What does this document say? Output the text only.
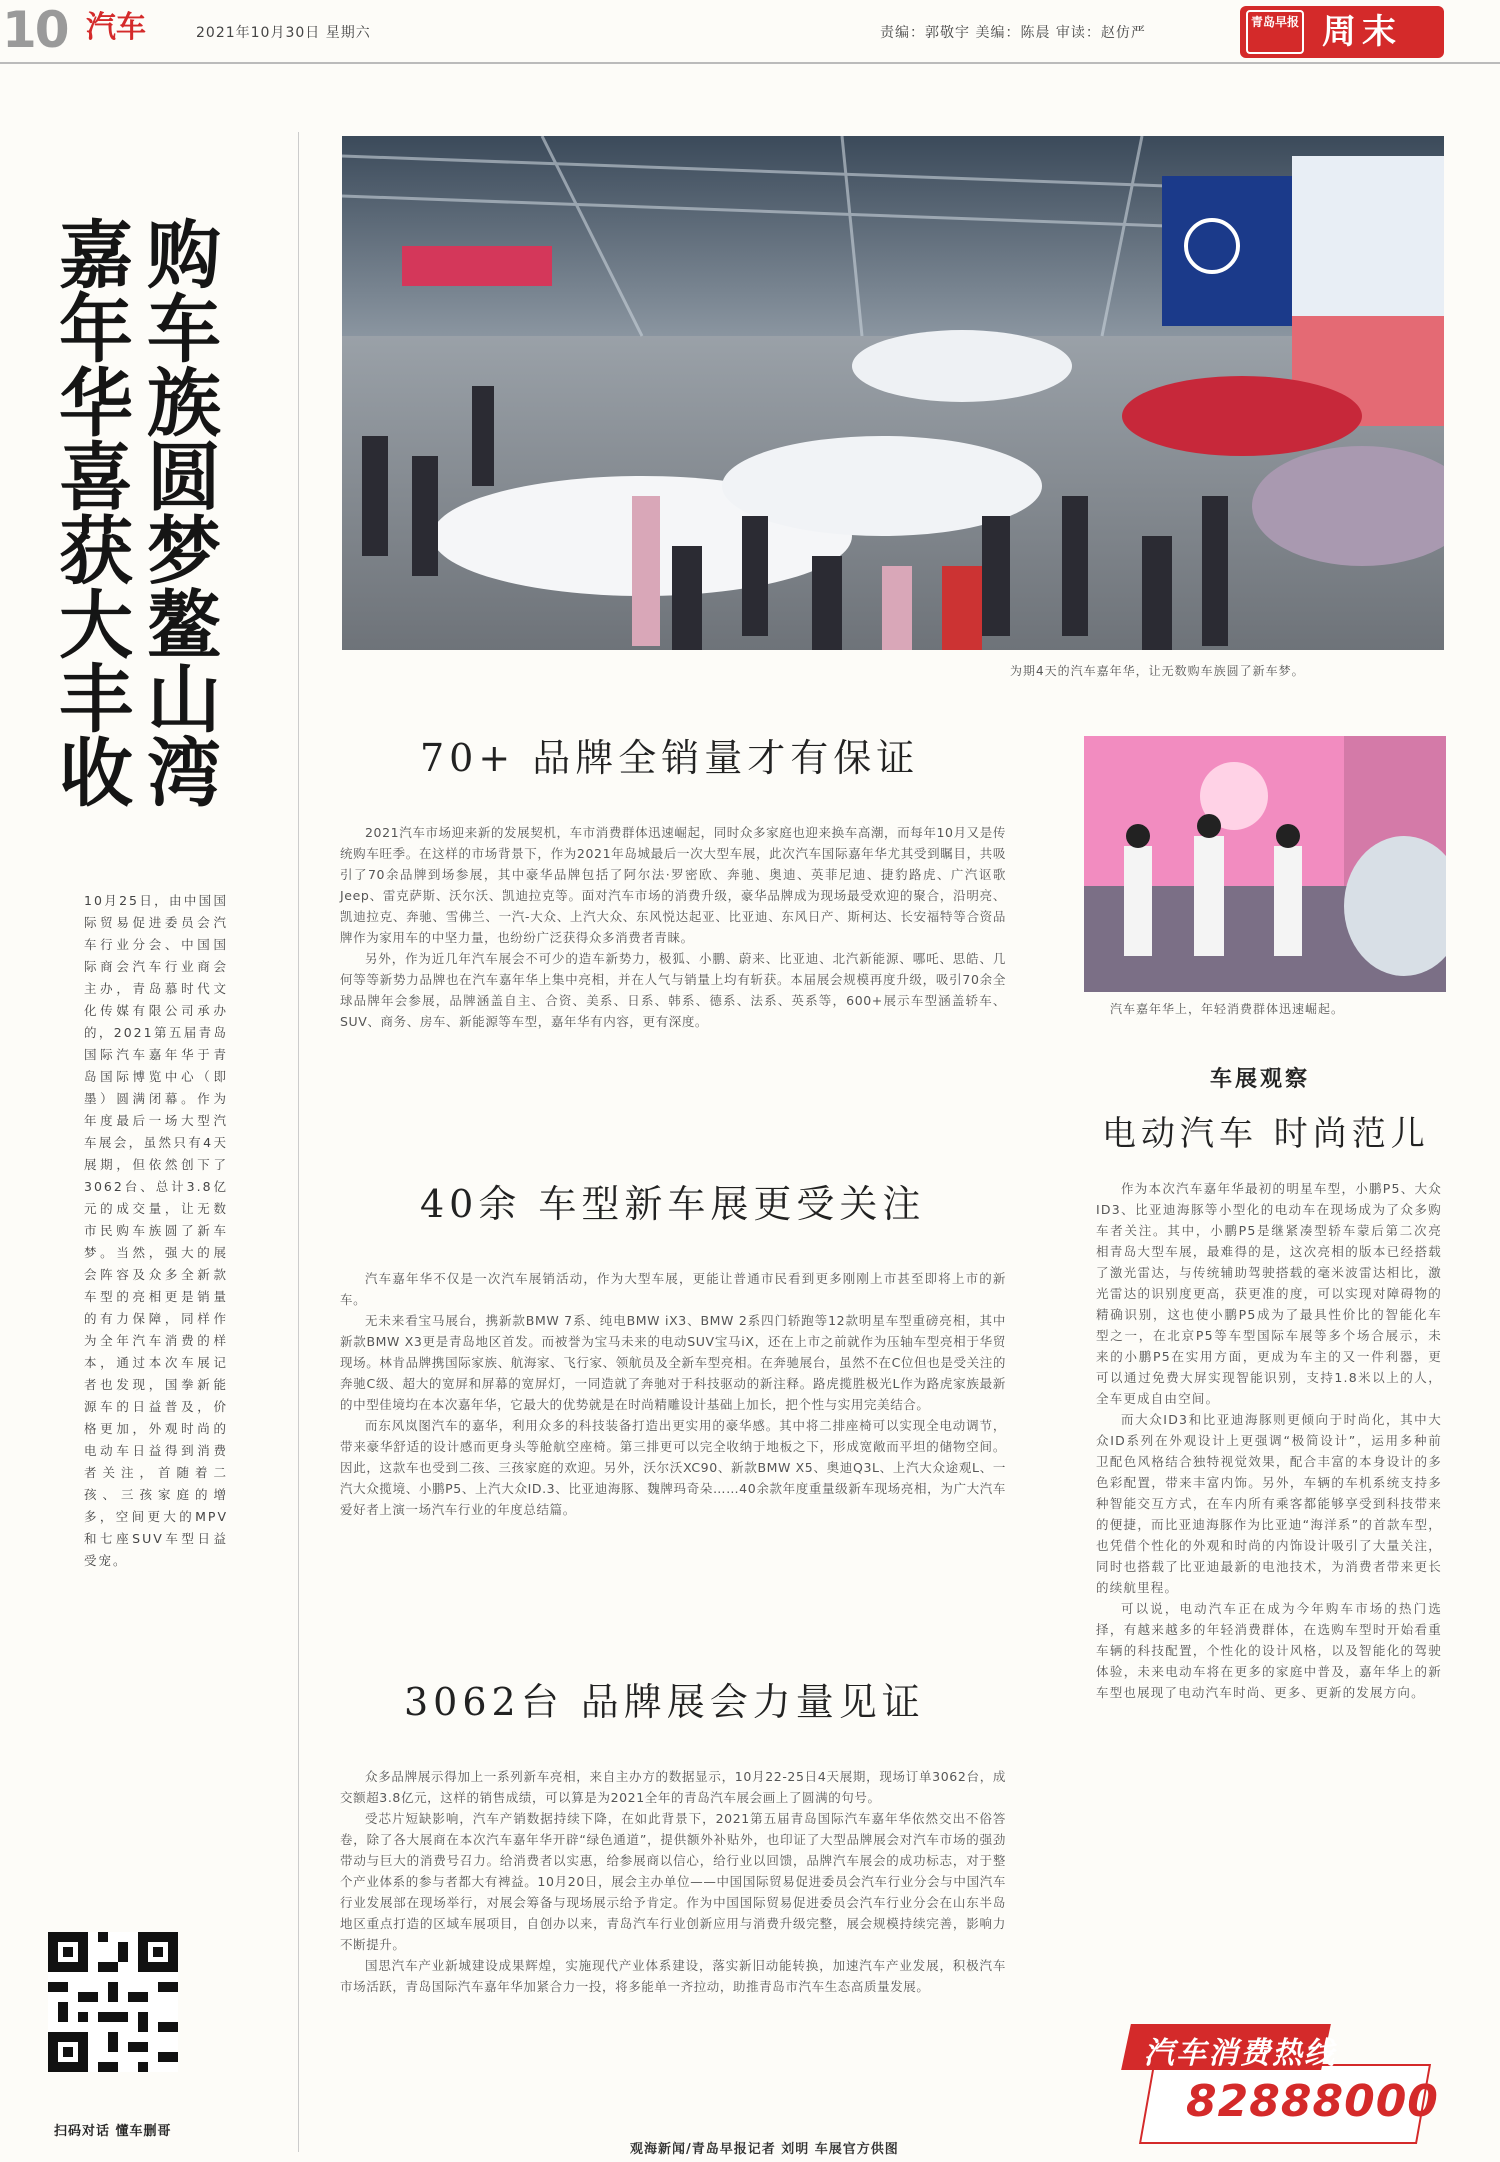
10 汽车	2021年10月30日 星期六	责编：郭敬宇 美编：陈晨 审读：赵仿严
青岛早报 周末
购车族圆梦鳌山湾
嘉年华喜获大丰收
10月25日，由中国国际贸易促进委员会汽车行业分会、中国国际商会汽车行业商会主办，青岛慕时代文化传媒有限公司承办的，2021第五届青岛国际汽车嘉年华于青岛国际博览中心（即墨）圆满闭幕。作为年度最后一场大型汽车展会，虽然只有4天展期，但依然创下了3062台、总计3.8亿元的成交量，让无数市民购车族圆了新车梦。当然，强大的展会阵容及众多全新款车型的亮相更是销量的有力保障，同样作为全年汽车消费的样本，通过本次车展记者也发现，国拳新能源车的日益普及，价格更加，外观时尚的电动车日益得到消费者关注，首随着二孩、三孩家庭的增多，空间更大的MPV和七座SUV车型日益受宠。
扫码对话 懂车删哥
为期4天的汽车嘉年华，让无数购车族圆了新车梦。
70+ 品牌全销量才有保证

2021汽车市场迎来新的发展契机，车市消费群体迅速崛起，同时众多家庭也迎来换车高潮，而每年10月又是传统购车旺季。在这样的市场背景下，作为2021年岛城最后一次大型车展，此次汽车国际嘉年华尤其受到瞩目，共吸引了70余品牌到场参展，其中豪华品牌包括了阿尔法·罗密欧、奔驰、奥迪、英菲尼迪、捷豹路虎、广汽讴歌Jeep、雷克萨斯、沃尔沃、凯迪拉克等。面对汽车市场的消费升级，豪华品牌成为现场最受欢迎的聚合，沿明亮、凯迪拉克、奔驰、雪佛兰、一汽-大众、上汽大众、东风悦达起亚、比亚迪、东风日产、斯柯达、长安福特等合资品牌作为家用车的中坚力量，也纷纷广泛获得众多消费者青睐。

另外，作为近几年汽车展会不可少的造车新势力，极狐、小鹏、蔚来、比亚迪、北汽新能源、哪吒、思皓、几何等等新势力品牌也在汽车嘉年华上集中亮相，并在人气与销量上均有斩获。本届展会规模再度升级，吸引70余全球品牌年会参展，品牌涵盖自主、合资、美系、日系、韩系、德系、法系、英系等，600+展示车型涵盖轿车、SUV、商务、房车、新能源等车型，嘉年华有内容，更有深度。

40余 车型新车展更受关注

汽车嘉年华不仅是一次汽车展销活动，作为大型车展，更能让普通市民看到更多刚刚上市甚至即将上市的新车。

无未来看宝马展台，携新款BMW 7系、纯电BMW iX3、BMW 2系四门轿跑等12款明星车型重磅亮相，其中新款BMW X3更是青岛地区首发。而被誉为宝马未来的电动SUV宝马iX，还在上市之前就作为压轴车型亮相于华贸现场。林肯品牌携国际家族、航海家、飞行家、领航员及全新车型亮相。在奔驰展台，虽然不在C位但也是受关注的奔驰C级、超大的宽屏和屏幕的宽屏灯，一同造就了奔驰对于科技驱动的新注释。路虎揽胜极光L作为路虎家族最新的中型佳境均在本次嘉年华，它最大的优势就是在时尚精雕设计基础上加长，把个性与实用完美结合。

而东风岚图汽车的嘉华，利用众多的科技装备打造出更实用的豪华感。其中将二排座椅可以实现全电动调节，带来豪华舒适的设计感而更身头等舱航空座椅。第三排更可以完全收纳于地板之下，形成宽敞而平坦的储物空间。因此，这款车也受到二孩、三孩家庭的欢迎。另外，沃尔沃XC90、新款BMW X5、奥迪Q3L、上汽大众途观L、一汽大众揽境、小鹏P5、上汽大众ID.3、比亚迪海豚、魏牌玛奇朵……40余款年度重量级新车现场亮相，为广大汽车爱好者上演一场汽车行业的年度总结篇。

3062台 品牌展会力量见证

众多品牌展示得加上一系列新车亮相，来自主办方的数据显示，10月22-25日4天展期，现场订单3062台，成交额超3.8亿元，这样的销售成绩，可以算是为2021全年的青岛汽车展会画上了圆满的句号。

受芯片短缺影响，汽车产销数据持续下降，在如此背景下，2021第五届青岛国际汽车嘉年华依然交出不俗答卷，除了各大展商在本次汽车嘉年华开辟“绿色通道”，提供额外补贴外，也印证了大型品牌展会对汽车市场的强劲带动与巨大的消费号召力。给消费者以实惠，给参展商以信心，给行业以回馈，品牌汽车展会的成功标志，对于整个产业体系的参与者都大有裨益。10月20日，展会主办单位——中国国际贸易促进委员会汽车行业分会与中国汽车行业发展部在现场举行，对展会筹备与现场展示给予肯定。作为中国国际贸易促进委员会汽车行业分会在山东半岛地区重点打造的区域车展项目，自创办以来，青岛汽车行业创新应用与消费升级完整，展会规模持续完善，影响力不断提升。

国思汽车产业新城建设成果辉煌，实施现代产业体系建设，落实新旧动能转换，加速汽车产业发展，积极汽车市场活跃，青岛国际汽车嘉年华加紧合力一投，将多能单一齐拉动，助推青岛市汽车生态高质量发展。

观海新闻/青岛早报记者 刘明 车展官方供图
汽车嘉年华上，年轻消费群体迅速崛起。
车展观察
电动汽车 时尚范儿

作为本次汽车嘉年华最初的明星车型，小鹏P5、大众ID3、比亚迪海豚等小型化的电动车在现场成为了众多购车者关注。其中，小鹏P5是继紧凑型轿车蒙后第二次亮相青岛大型车展，最难得的是，这次亮相的版本已经搭载了激光雷达，与传统辅助驾驶搭载的毫米波雷达相比，激光雷达的识别度更高，获更准的度，可以实现对障碍物的精确识别，这也使小鹏P5成为了最具性价比的智能化车型之一，在北京P5等车型国际车展等多个场合展示，未来的小鹏P5在实用方面，更成为车主的又一件利器，更可以通过免费大屏实现智能识别，支持1.8米以上的人，全车更成自由空间。

而大众ID3和比亚迪海豚则更倾向于时尚化，其中大众ID系列在外观设计上更强调“极简设计”，运用多种前卫配色风格结合独特视觉效果，配合丰富的本身设计的多色彩配置，带来丰富内饰。另外，车辆的车机系统支持多种智能交互方式，在车内所有乘客都能够享受到科技带来的便捷，而比亚迪海豚作为比亚迪“海洋系”的首款车型，也凭借个性化的外观和时尚的内饰设计吸引了大量关注，同时也搭载了比亚迪最新的电池技术，为消费者带来更长的续航里程。

可以说，电动汽车正在成为今年购车市场的热门选择，有越来越多的年轻消费群体，在选购车型时开始看重车辆的科技配置，个性化的设计风格，以及智能化的驾驶体验，未来电动车将在更多的家庭中普及，嘉年华上的新车型也展现了电动汽车时尚、更多、更新的发展方向。

汽车消费热线
82888000
